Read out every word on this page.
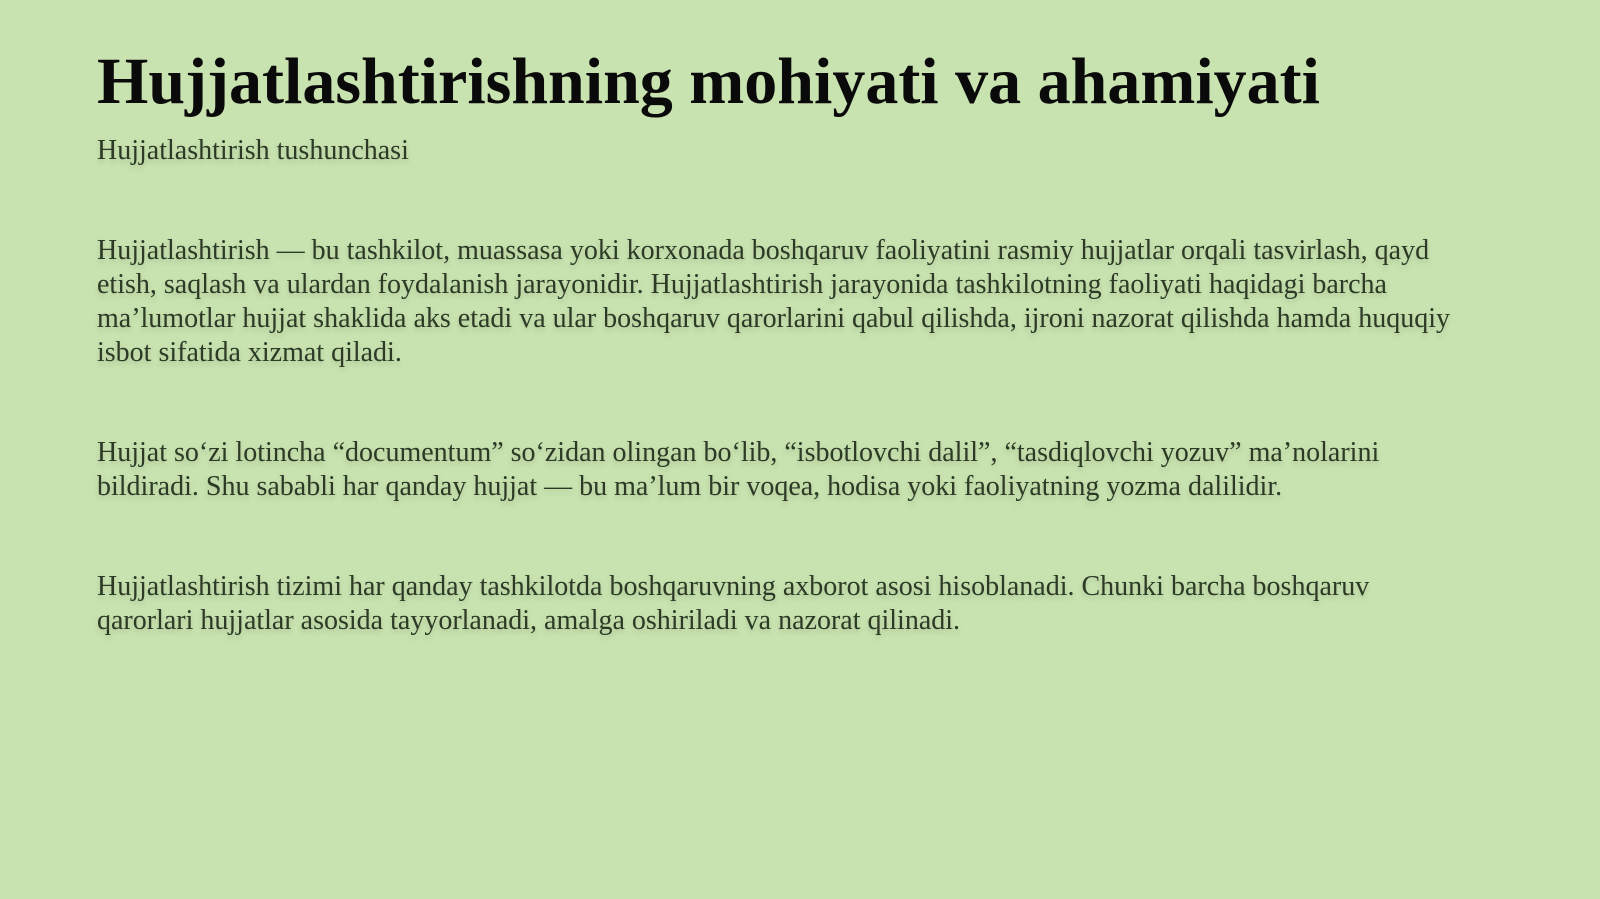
Hujjatlashtirishning mohiyati va ahamiyati

Hujjatlashtirish tushunchasi

Hujjatlashtirish — bu tashkilot, muassasa yoki korxonada boshqaruv faoliyatini rasmiy hujjatlar orqali tasvirlash, qayd etish, saqlash va ulardan foydalanish jarayonidir. Hujjatlashtirish jarayonida tashkilotning faoliyati haqidagi barcha ma’lumotlar hujjat shaklida aks etadi va ular boshqaruv qarorlarini qabul qilishda, ijroni nazorat qilishda hamda huquqiy isbot sifatida xizmat qiladi.

Hujjat so‘zi lotincha “documentum” so‘zidan olingan bo‘lib, “isbotlovchi dalil”, “tasdiqlovchi yozuv” ma’nolarini bildiradi. Shu sababli har qanday hujjat — bu ma’lum bir voqea, hodisa yoki faoliyatning yozma dalilidir.

Hujjatlashtirish tizimi har qanday tashkilotda boshqaruvning axborot asosi hisoblanadi. Chunki barcha boshqaruv qarorlari hujjatlar asosida tayyorlanadi, amalga oshiriladi va nazorat qilinadi.
